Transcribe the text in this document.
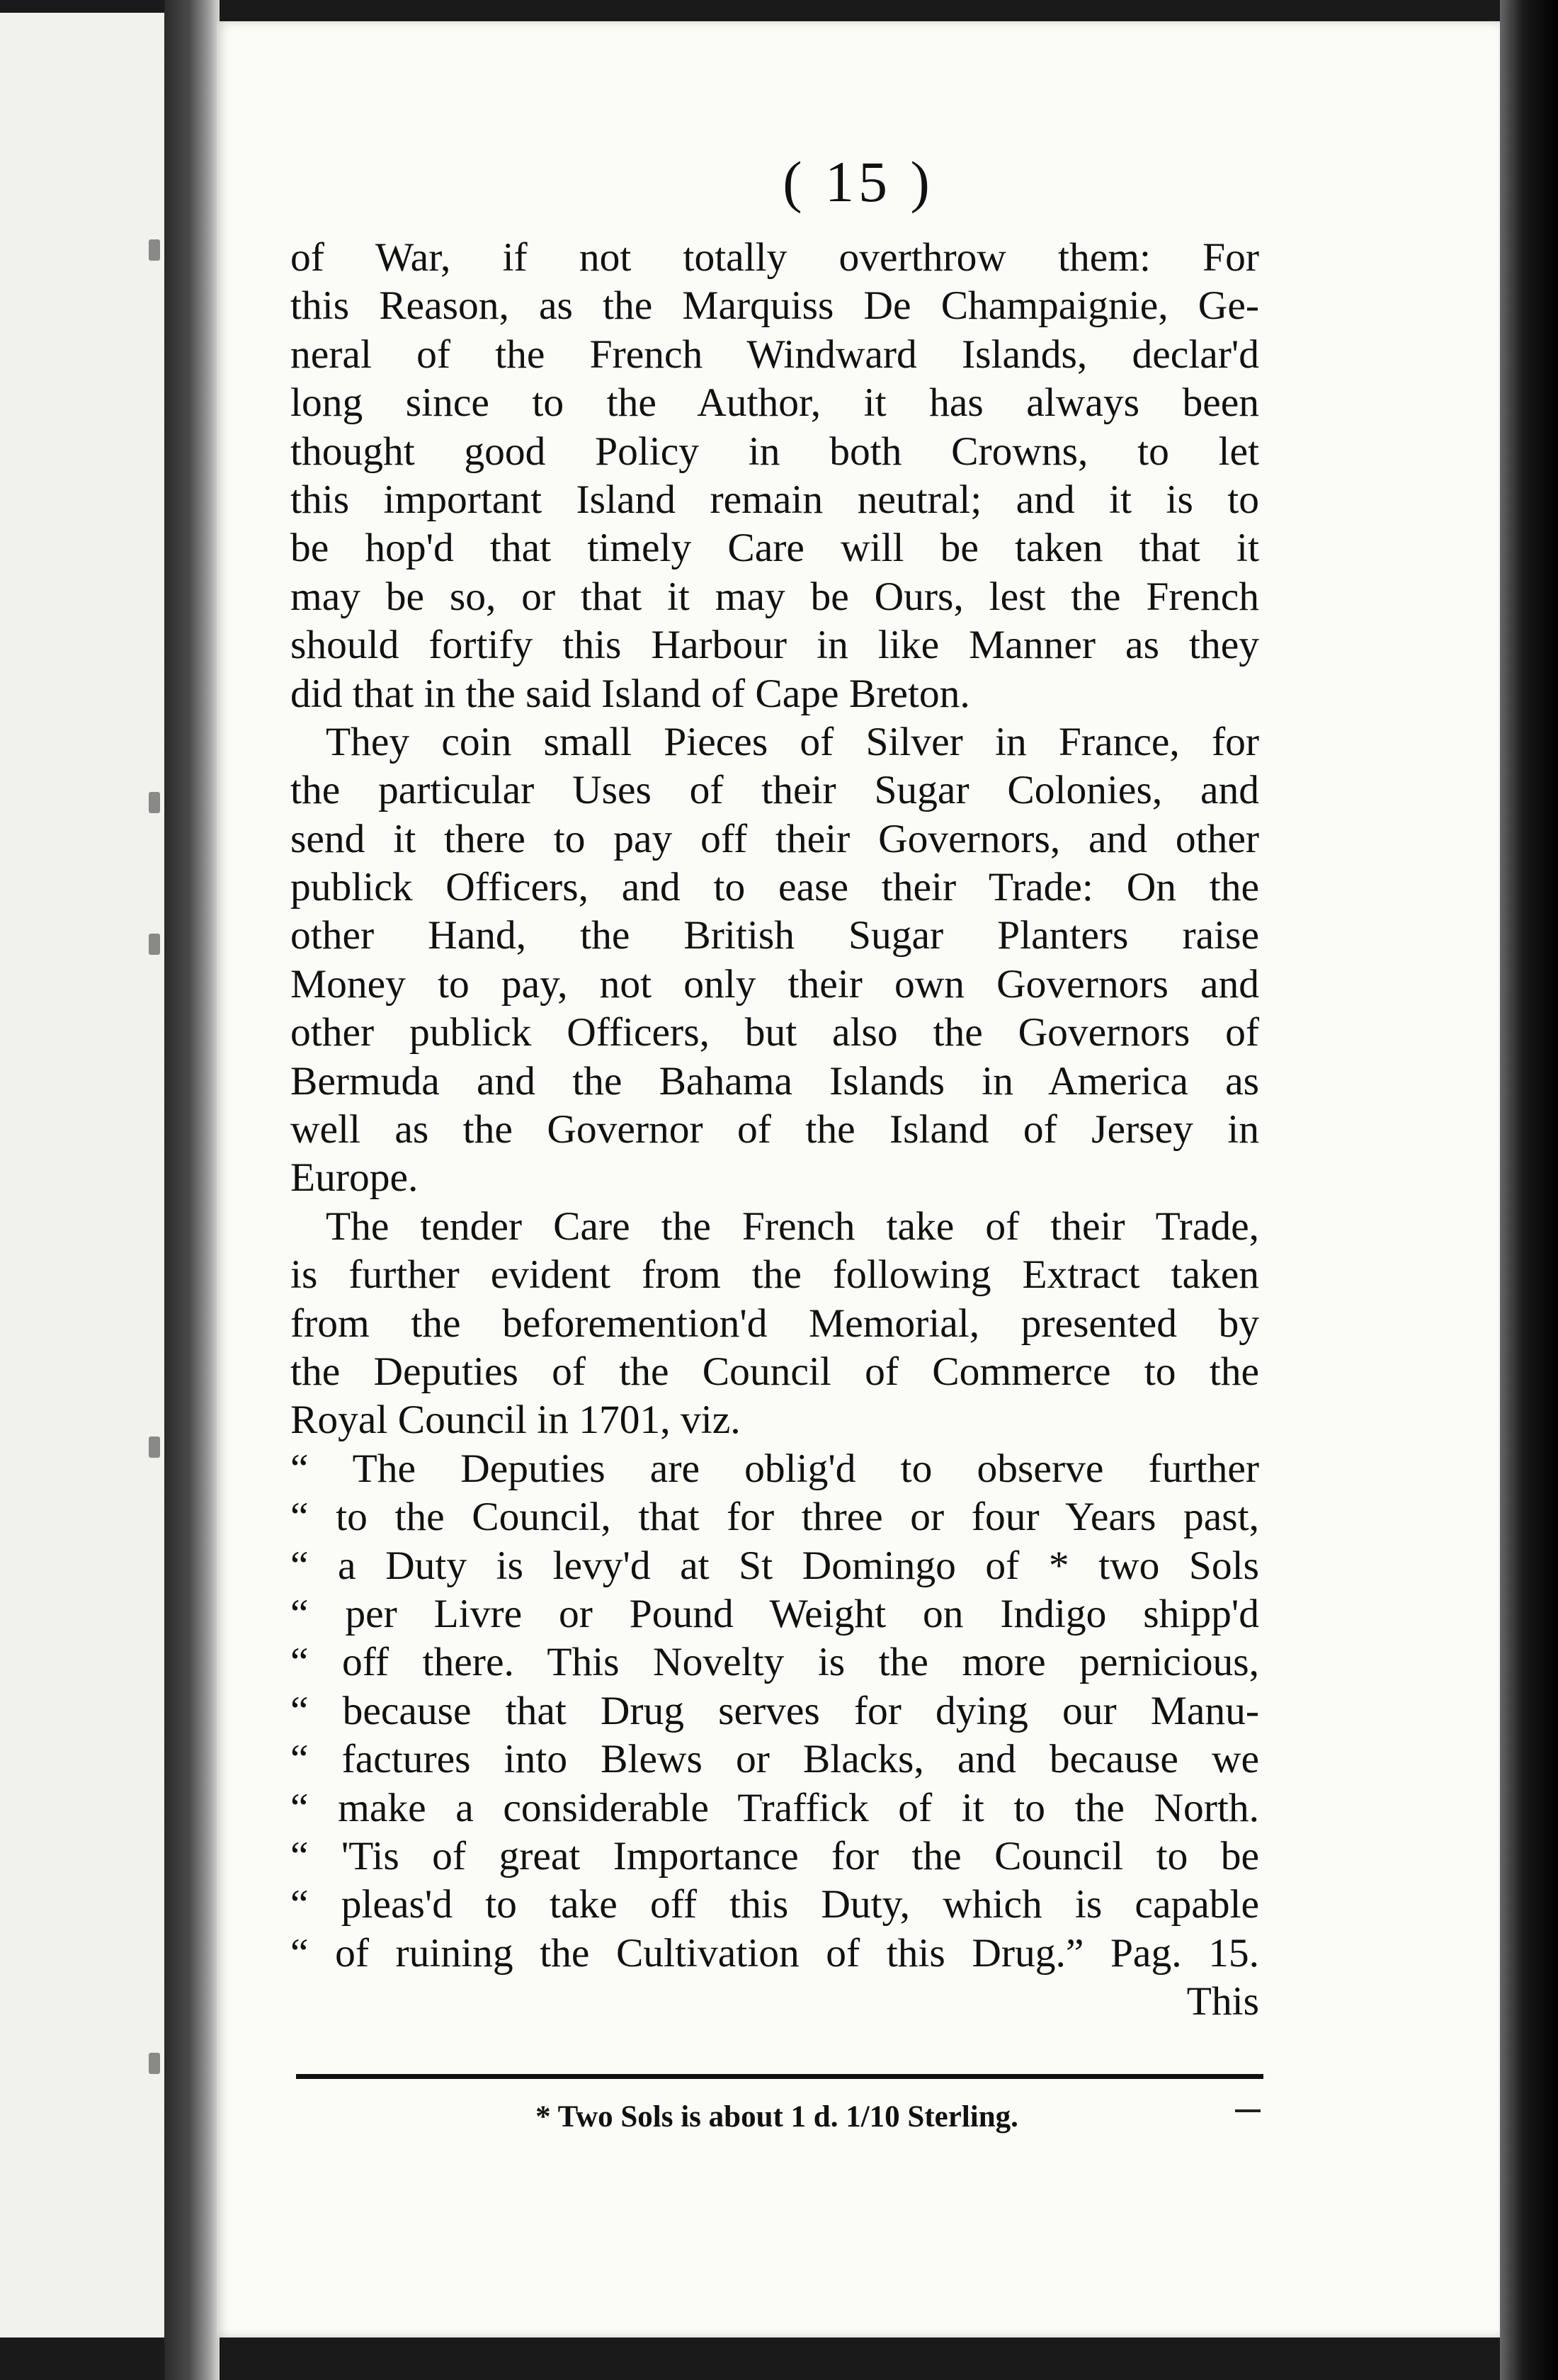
( 15 )
of War, if not totally overthrow them: For
this Reason, as the Marquiss De Champaignie, Ge-
neral of the French Windward Islands, declar'd
long since to the Author, it has always been
thought good Policy in both Crowns, to let
this important Island remain neutral; and it is to
be hop'd that timely Care will be taken that it
may be so, or that it may be Ours, lest the French
should fortify this Harbour in like Manner as they
did that in the said Island of Cape Breton.
They coin small Pieces of Silver in France, for
the particular Uses of their Sugar Colonies, and
send it there to pay off their Governors, and other
publick Officers, and to ease their Trade: On the
other Hand, the British Sugar Planters raise
Money to pay, not only their own Governors and
other publick Officers, but also the Governors of
Bermuda and the Bahama Islands in America as
well as the Governor of the Island of Jersey in
Europe.
The tender Care the French take of their Trade,
is further evident from the following Extract taken
from the beforemention'd Memorial, presented by
the Deputies of the Council of Commerce to the
Royal Council in 1701, viz.
“ The Deputies are oblig'd to observe further
“ to the Council, that for three or four Years past,
“ a Duty is levy'd at St Domingo of * two Sols
“ per Livre or Pound Weight on Indigo shipp'd
“ off there. This Novelty is the more pernicious,
“ because that Drug serves for dying our Manu-
“ factures into Blews or Blacks, and because we
“ make a considerable Traffick of it to the North.
“ 'Tis of great Importance for the Council to be
“ pleas'd to take off this Duty, which is capable
“ of ruining the Cultivation of this Drug.” Pag. 15.
This
* Two Sols is about 1 d. 1/10 Sterling.
